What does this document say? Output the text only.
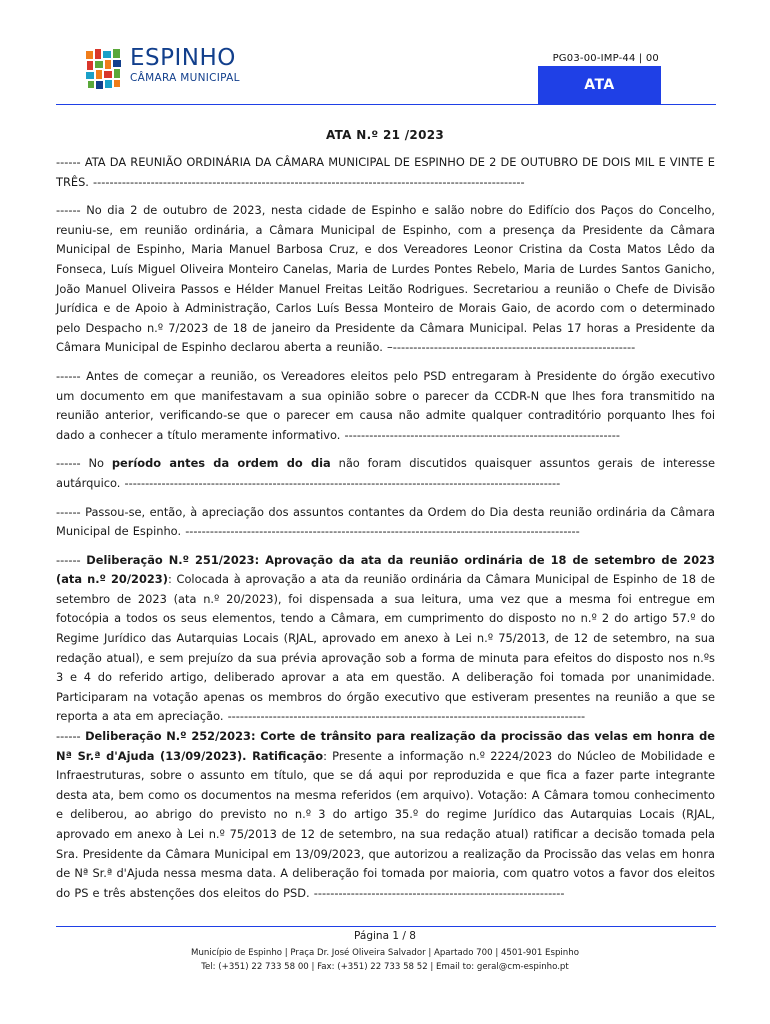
ESPINHO
CÂMARA MUNICIPAL
PG03-00-IMP-44 | 00
ATA
ATA N.º 21 /2023

------ ATA DA REUNIÃO ORDINÁRIA DA CÂMARA MUNICIPAL DE ESPINHO DE 2 DE OUTUBRO DE DOIS MIL E VINTE E TRÊS. ---------------------------------------------------------------------------------------------------------

------ No dia 2 de outubro de 2023, nesta cidade de Espinho e salão nobre do Edifício dos Paços do Concelho, reuniu-se, em reunião ordinária, a Câmara Municipal de Espinho, com a presença da Presidente da Câmara Municipal de Espinho, Maria Manuel Barbosa Cruz, e dos Vereadores Leonor Cristina da Costa Matos Lêdo da Fonseca, Luís Miguel Oliveira Monteiro Canelas, Maria de Lurdes Pontes Rebelo, Maria de Lurdes Santos Ganicho, João Manuel Oliveira Passos e Hélder Manuel Freitas Leitão Rodrigues. Secretariou a reunião o Chefe de Divisão Jurídica e de Apoio à Administração, Carlos Luís Bessa Monteiro de Morais Gaio, de acordo com o determinado pelo Despacho n.º 7/2023 de 18 de janeiro da Presidente da Câmara Municipal. Pelas 17 horas a Presidente da Câmara Municipal de Espinho declarou aberta a reunião. –-----------------------------------------------------------

------ Antes de começar a reunião, os Vereadores eleitos pelo PSD entregaram à Presidente do órgão executivo um documento em que manifestavam a sua opinião sobre o parecer da CCDR-N que lhes fora transmitido na reunião anterior, verificando-se que o parecer em causa não admite qualquer contraditório porquanto lhes foi dado a conhecer a título meramente informativo. -------------------------------------------------------------------

------ No período antes da ordem do dia não foram discutidos quaisquer assuntos gerais de interesse autárquico. ----------------------------------------------------------------------------------------------------------

------ Passou-se, então, à apreciação dos assuntos contantes da Ordem do Dia desta reunião ordinária da Câmara Municipal de Espinho. ------------------------------------------------------------------------------------------------

------ Deliberação N.º 251/2023: Aprovação da ata da reunião ordinária de 18 de setembro de 2023 (ata n.º 20/2023): Colocada à aprovação a ata da reunião ordinária da Câmara Municipal de Espinho de 18 de setembro de 2023 (ata n.º 20/2023), foi dispensada a sua leitura, uma vez que a mesma foi entregue em fotocópia a todos os seus elementos, tendo a Câmara, em cumprimento do disposto no n.º 2 do artigo 57.º do Regime Jurídico das Autarquias Locais (RJAL, aprovado em anexo à Lei n.º 75/2013, de 12 de setembro, na sua redação atual), e sem prejuízo da sua prévia aprovação sob a forma de minuta para efeitos do disposto nos n.ºs 3 e 4 do referido artigo, deliberado aprovar a ata em questão. A deliberação foi tomada por unanimidade. Participaram na votação apenas os membros do órgão executivo que estiveram presentes na reunião a que se reporta a ata em apreciação. ---------------------------------------------------------------------------------------

------ Deliberação N.º 252/2023: Corte de trânsito para realização da procissão das velas em honra de Nª Sr.ª d'Ajuda (13/09/2023). Ratificação: Presente a informação n.º 2224/2023 do Núcleo de Mobilidade e Infraestruturas, sobre o assunto em título, que se dá aqui por reproduzida e que fica a fazer parte integrante desta ata, bem como os documentos na mesma referidos (em arquivo). Votação: A Câmara tomou conhecimento e deliberou, ao abrigo do previsto no n.º 3 do artigo 35.º do regime Jurídico das Autarquias Locais (RJAL, aprovado em anexo à Lei n.º 75/2013 de 12 de setembro, na sua redação atual) ratificar a decisão tomada pela Sra. Presidente da Câmara Municipal em 13/09/2023, que autorizou a realização da Procissão das velas em honra de Nª Sr.ª d'Ajuda nessa mesma data. A deliberação foi tomada por maioria, com quatro votos a favor dos eleitos do PS e três abstenções dos eleitos do PSD. -------------------------------------------------------------

Página 1 / 8
Município de Espinho | Praça Dr. José Oliveira Salvador | Apartado 700 | 4501-901 Espinho
Tel: (+351) 22 733 58 00 | Fax: (+351) 22 733 58 52 | Email to: geral@cm-espinho.pt
